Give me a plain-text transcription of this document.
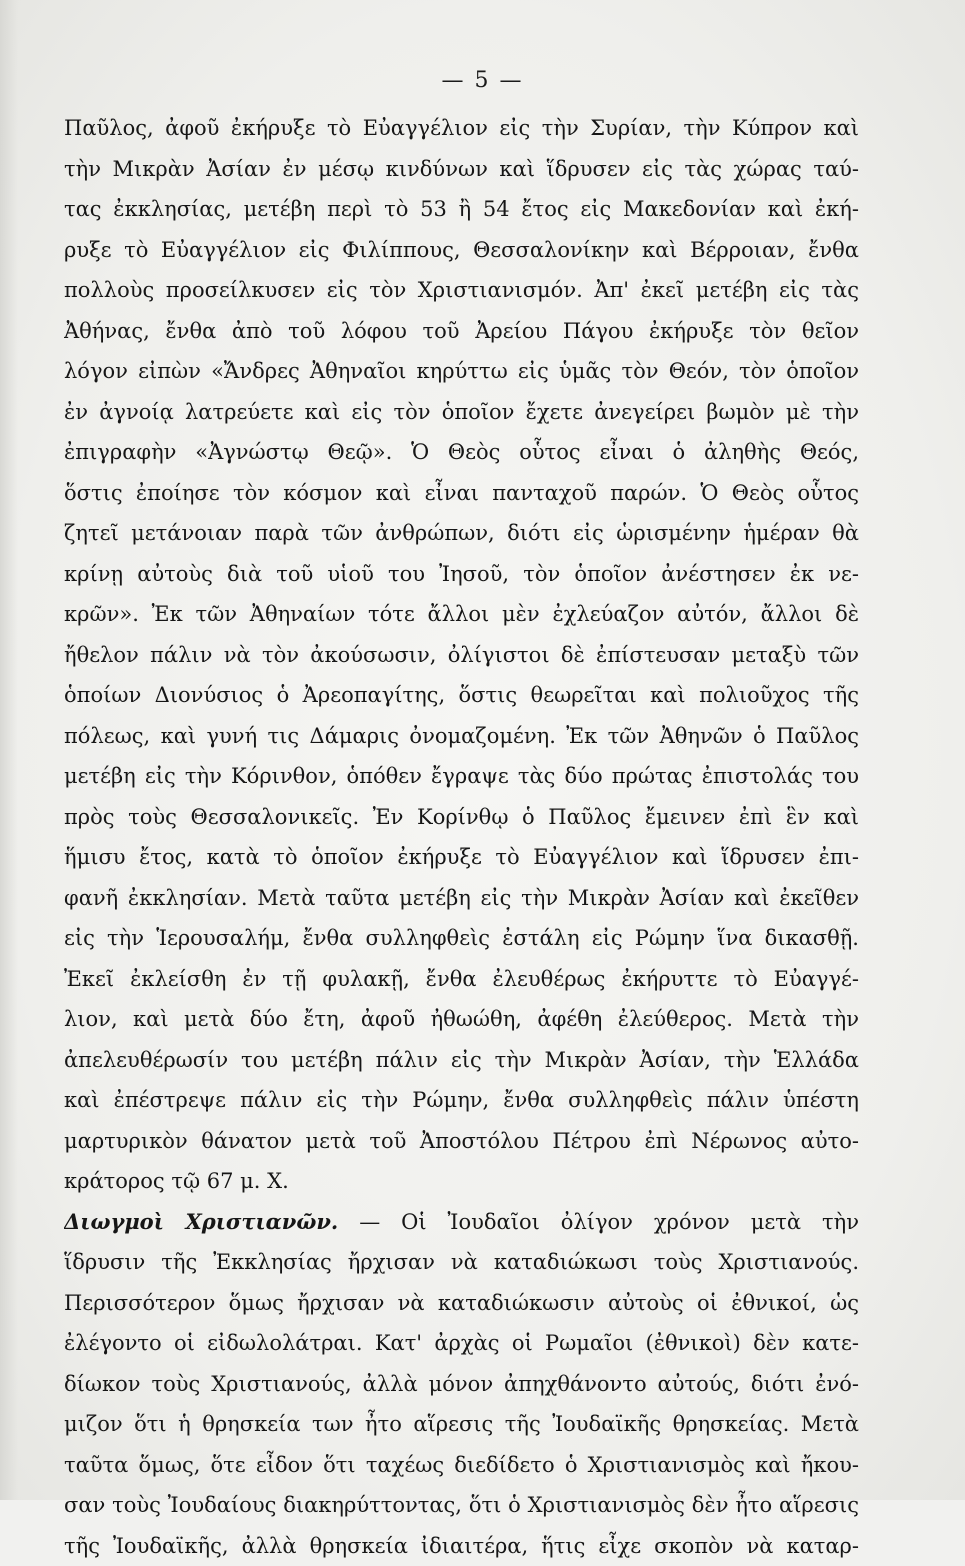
— 5 —
Παῦλος, ἀφοῦ ἐκήρυξε τὸ Εὐαγγέλιον εἰς τὴν Συρίαν, τὴν Κύπρον καὶ
τὴν Μικρὰν Ἀσίαν ἐν μέσῳ κινδύνων καὶ ἵδρυσεν εἰς τὰς χώρας ταύ-
τας ἐκκλησίας, μετέβη περὶ τὸ 53 ἢ 54 ἔτος εἰς Μακεδονίαν καὶ ἐκή-
ρυξε τὸ Εὐαγγέλιον εἰς Φιλίππους, Θεσσαλονίκην καὶ Βέρροιαν, ἔνθα
πολλοὺς προσείλκυσεν εἰς τὸν Χριστιανισμόν. Ἀπ' ἐκεῖ μετέβη εἰς τὰς
Ἀθήνας, ἔνθα ἀπὸ τοῦ λόφου τοῦ Ἀρείου Πάγου ἐκήρυξε τὸν θεῖον
λόγον εἰπὼν «Ἄνδρες Ἀθηναῖοι κηρύττω εἰς ὑμᾶς τὸν Θεόν, τὸν ὁποῖον
ἐν ἀγνοίᾳ λατρεύετε καὶ εἰς τὸν ὁποῖον ἔχετε ἀνεγείρει βωμὸν μὲ τὴν
ἐπιγραφὴν «Ἀγνώστῳ Θεῷ». Ὁ Θεὸς οὗτος εἶναι ὁ ἀληθὴς Θεός,
ὅστις ἐποίησε τὸν κόσμον καὶ εἶναι πανταχοῦ παρών. Ὁ Θεὸς οὗτος
ζητεῖ μετάνοιαν παρὰ τῶν ἀνθρώπων, διότι εἰς ὡρισμένην ἡμέραν θὰ
κρίνῃ αὐτοὺς διὰ τοῦ υἱοῦ του Ἰησοῦ, τὸν ὁποῖον ἀνέστησεν ἐκ νε-
κρῶν». Ἐκ τῶν Ἀθηναίων τότε ἄλλοι μὲν ἐχλεύαζον αὐτόν, ἄλλοι δὲ
ἤθελον πάλιν νὰ τὸν ἀκούσωσιν, ὀλίγιστοι δὲ ἐπίστευσαν μεταξὺ τῶν
ὁποίων Διονύσιος ὁ Ἀρεοπαγίτης, ὅστις θεωρεῖται καὶ πολιοῦχος τῆς
πόλεως, καὶ γυνή τις Δάμαρις ὀνομαζομένη. Ἐκ τῶν Ἀθηνῶν ὁ Παῦλος
μετέβη εἰς τὴν Κόρινθον, ὁπόθεν ἔγραψε τὰς δύο πρώτας ἐπιστολάς του
πρὸς τοὺς Θεσσαλονικεῖς. Ἐν Κορίνθῳ ὁ Παῦλος ἔμεινεν ἐπὶ ἓν καὶ
ἥμισυ ἔτος, κατὰ τὸ ὁποῖον ἐκήρυξε τὸ Εὐαγγέλιον καὶ ἵδρυσεν ἐπι-
φανῆ ἐκκλησίαν. Μετὰ ταῦτα μετέβη εἰς τὴν Μικρὰν Ἀσίαν καὶ ἐκεῖθεν
εἰς τὴν Ἱερουσαλήμ, ἔνθα συλληφθεὶς ἐστάλη εἰς Ρώμην ἵνα δικασθῇ.
Ἐκεῖ ἐκλείσθη ἐν τῇ φυλακῇ, ἔνθα ἐλευθέρως ἐκήρυττε τὸ Εὐαγγέ-
λιον, καὶ μετὰ δύο ἔτη, ἀφοῦ ἠθωώθη, ἀφέθη ἐλεύθερος. Μετὰ τὴν
ἀπελευθέρωσίν του μετέβη πάλιν εἰς τὴν Μικρὰν Ἀσίαν, τὴν Ἑλλάδα
καὶ ἐπέστρεψε πάλιν εἰς τὴν Ρώμην, ἔνθα συλληφθεὶς πάλιν ὑπέστη
μαρτυρικὸν θάνατον μετὰ τοῦ Ἀποστόλου Πέτρου ἐπὶ Νέρωνος αὐτο-
κράτορος τῷ 67 μ. Χ.
Διωγμοὶ Χριστιανῶν. — Οἱ Ἰουδαῖοι ὀλίγον χρόνον μετὰ τὴν
ἵδρυσιν τῆς Ἐκκλησίας ἤρχισαν νὰ καταδιώκωσι τοὺς Χριστιανούς.
Περισσότερον ὅμως ἤρχισαν νὰ καταδιώκωσιν αὐτοὺς οἱ ἐθνικοί, ὡς
ἐλέγοντο οἱ εἰδωλολάτραι. Κατ' ἀρχὰς οἱ Ρωμαῖοι (ἐθνικοὶ) δὲν κατε-
δίωκον τοὺς Χριστιανούς, ἀλλὰ μόνον ἀπηχθάνοντο αὐτούς, διότι ἐνό-
μιζον ὅτι ἡ θρησκεία των ἦτο αἵρεσις τῆς Ἰουδαϊκῆς θρησκείας. Μετὰ
ταῦτα ὅμως, ὅτε εἶδον ὅτι ταχέως διεδίδετο ὁ Χριστιανισμὸς καὶ ἤκου-
σαν τοὺς Ἰουδαίους διακηρύττοντας, ὅτι ὁ Χριστιανισμὸς δὲν ἦτο αἵρεσις
τῆς Ἰουδαϊκῆς, ἀλλὰ θρησκεία ἰδιαιτέρα, ἥτις εἶχε σκοπὸν νὰ καταρ-
